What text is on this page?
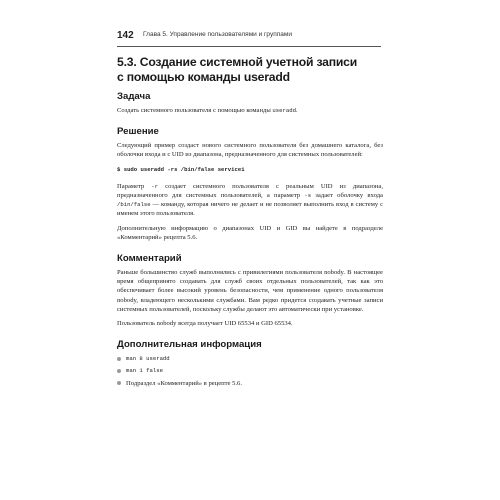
142 Глава 5. Управление пользователями и группами
5.3. Создание системной учетной записи
с помощью команды useradd
Задача

Создать системного пользователя с помощью команды useradd.

Решение

Следующий пример создаст нового системного пользователя без домашнего каталога, без оболочки входа и с UID из диапазона, предназначенного для системных пользователей:

$ sudo useradd -rs /bin/false service1

Параметр -r создает системного пользователя с реальным UID из диапазона, предназначенного для системных пользователей, а параметр -s задает оболочку входа /bin/false — команду, которая ничего не делает и не позволяет выполнить вход в систему с именем этого пользователя.

Дополнительную информацию о диапазонах UID и GID вы найдете в подразделе «Комментарий» рецепта 5.6.

Комментарий

Раньше большинство служб выполнялись с привилегиями пользователя nobody. В настоящее время общепринято создавать для служб своих отдельных пользователей, так как это обеспечивает более высокий уровень безопасности, чем применение одного пользователя nobody, владеющего несколькими службами. Вам редко придется создавать учетные записи системных пользователей, поскольку службы делают это автоматически при установке.

Пользователь nobody всегда получает UID 65534 и GID 65534.

Дополнительная информация
man 8 useradd
man 1 false
Подраздел «Комментарий» в рецепте 5.6.
